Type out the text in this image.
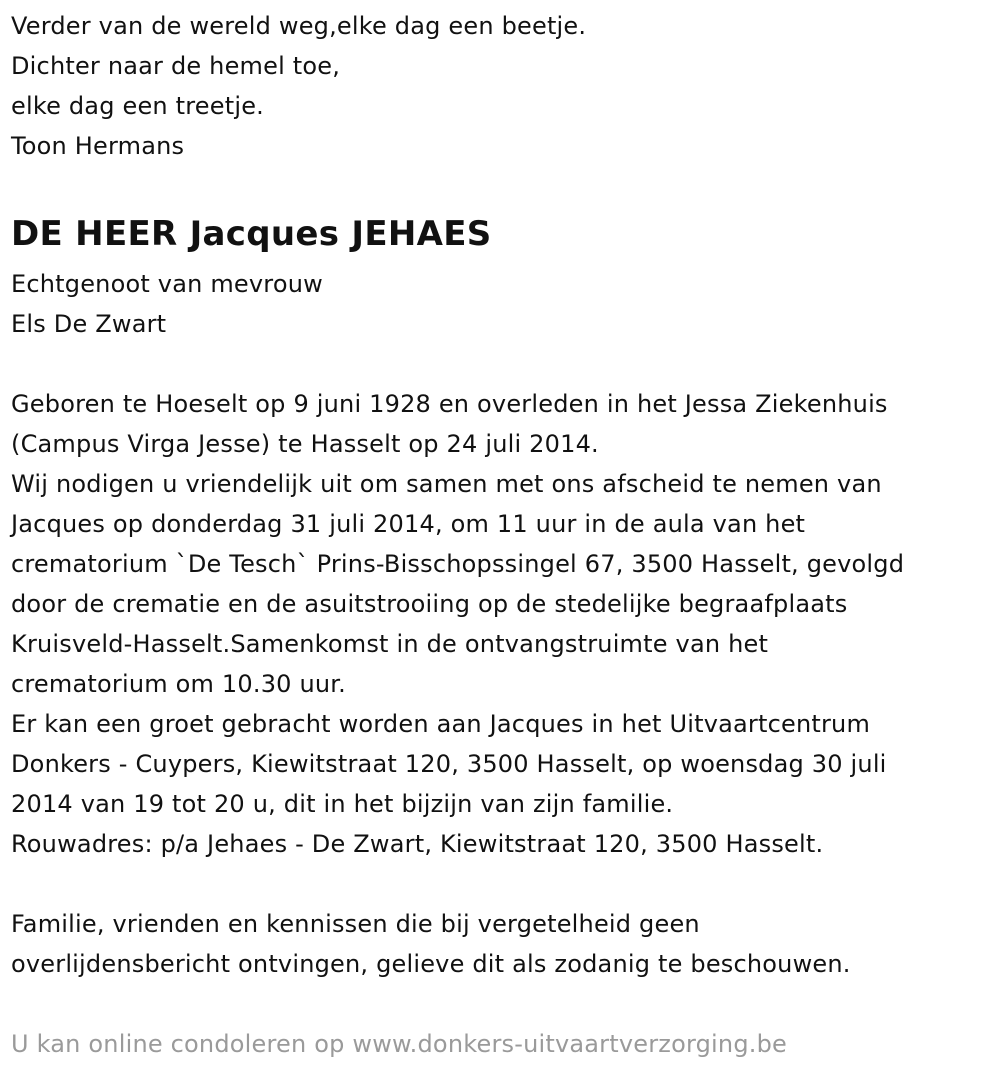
Verder van de wereld weg,elke dag een beetje.
Dichter naar de hemel toe,
elke dag een treetje.
Toon Hermans
DE HEER Jacques JEHAES
Echtgenoot van mevrouw
Els De Zwart
Geboren te Hoeselt op 9 juni 1928 en overleden in het Jessa Ziekenhuis
(Campus Virga Jesse) te Hasselt op 24 juli 2014.
Wij nodigen u vriendelijk uit om samen met ons afscheid te nemen van
Jacques op donderdag 31 juli 2014, om 11 uur in de aula van het
crematorium `De Tesch` Prins-Bisschopssingel 67, 3500 Hasselt, gevolgd
door de crematie en de asuitstrooiing op de stedelijke begraafplaats
Kruisveld-Hasselt.Samenkomst in de ontvangstruimte van het
crematorium om 10.30 uur.
Er kan een groet gebracht worden aan Jacques in het Uitvaartcentrum
Donkers - Cuypers, Kiewitstraat 120, 3500 Hasselt, op woensdag 30 juli
2014 van 19 tot 20 u, dit in het bijzijn van zijn familie.
Rouwadres: p/a Jehaes - De Zwart, Kiewitstraat 120, 3500 Hasselt.
Familie, vrienden en kennissen die bij vergetelheid geen
overlijdensbericht ontvingen, gelieve dit als zodanig te beschouwen.
U kan online condoleren op www.donkers-uitvaartverzorging.be
